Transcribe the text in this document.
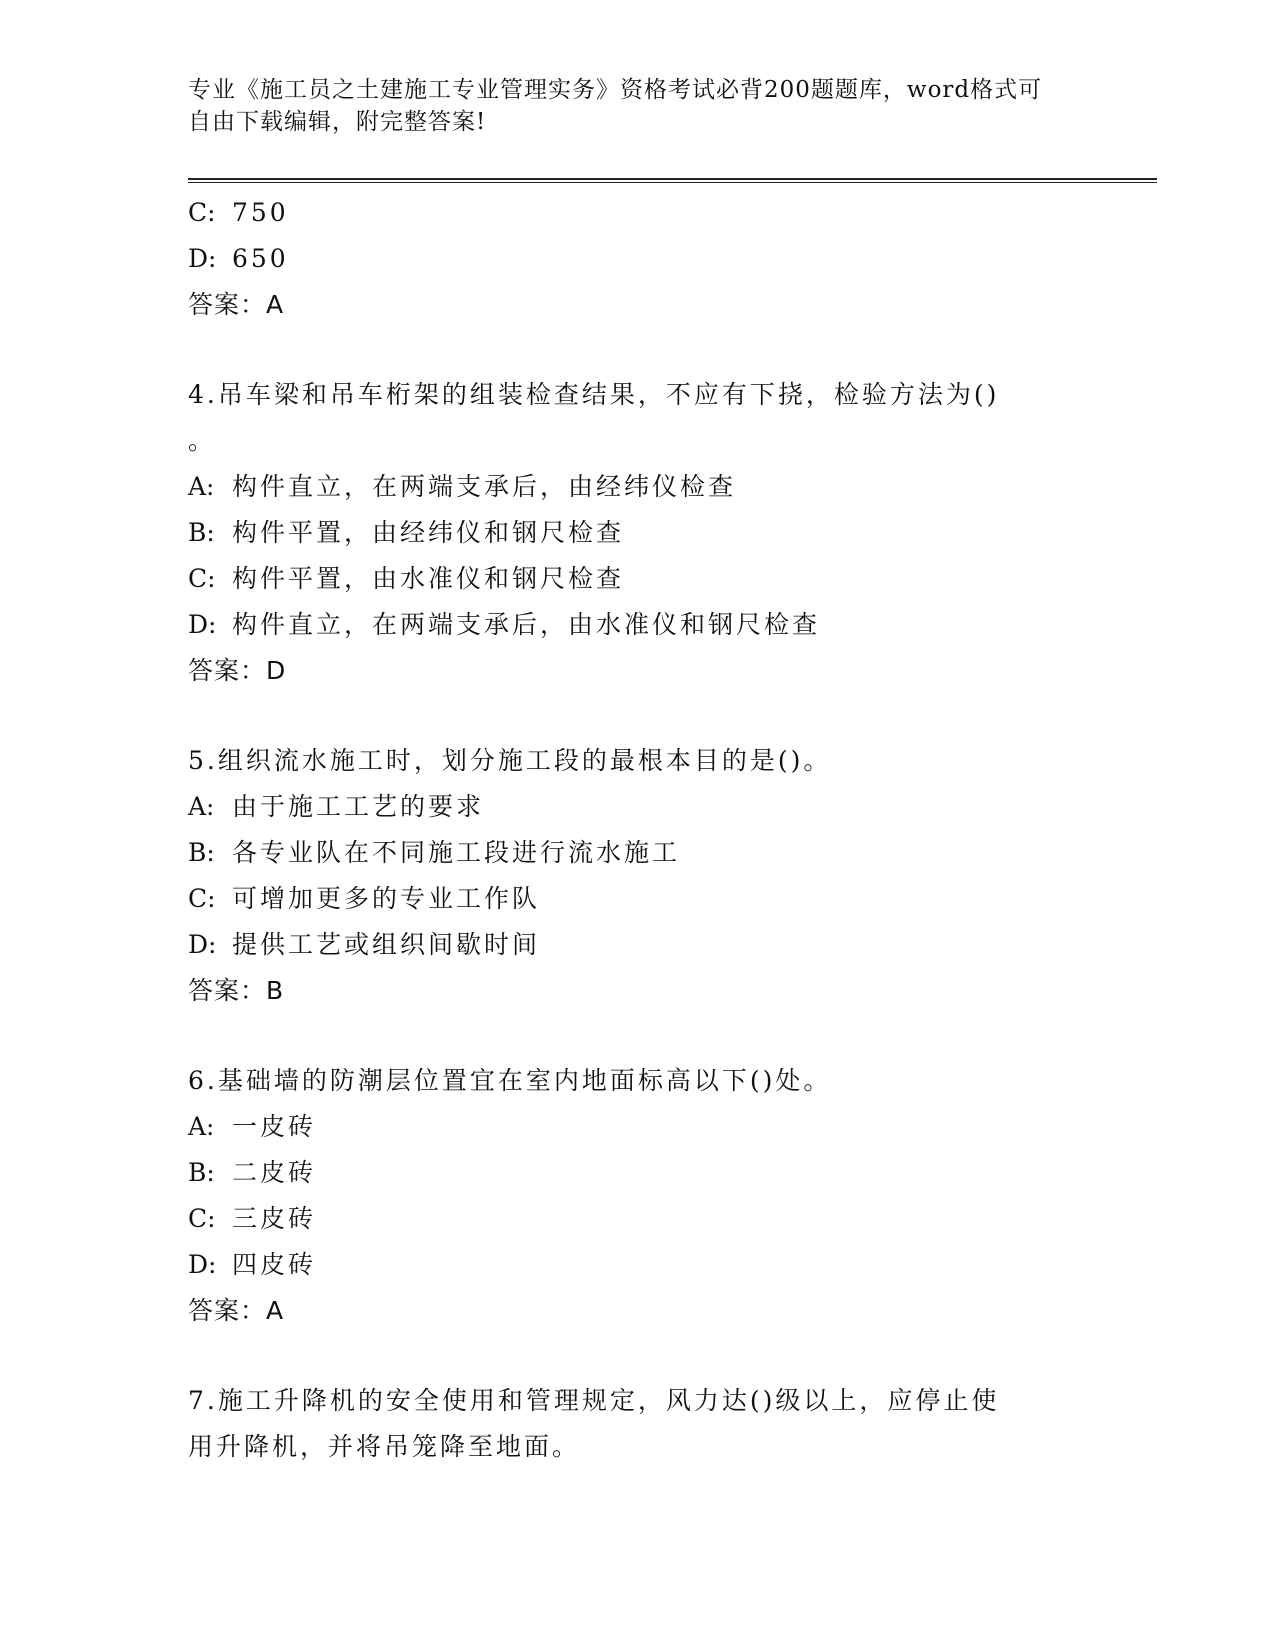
专业《施工员之土建施工专业管理实务》资格考试必背200题题库，word格式可
自由下载编辑，附完整答案!
C: 750
D: 650
答案：A
4.吊车梁和吊车桁架的组装检查结果，不应有下挠，检验方法为()
。
A: 构件直立，在两端支承后，由经纬仪检查
B: 构件平置，由经纬仪和钢尺检查
C: 构件平置，由水准仪和钢尺检查
D: 构件直立，在两端支承后，由水准仪和钢尺检查
答案：D
5.组织流水施工时，划分施工段的最根本目的是()。
A: 由于施工工艺的要求
B: 各专业队在不同施工段进行流水施工
C: 可增加更多的专业工作队
D: 提供工艺或组织间歇时间
答案：B
6.基础墙的防潮层位置宜在室内地面标高以下()处。
A: 一皮砖
B: 二皮砖
C: 三皮砖
D: 四皮砖
答案：A
7.施工升降机的安全使用和管理规定，风力达()级以上，应停止使
用升降机，并将吊笼降至地面。
